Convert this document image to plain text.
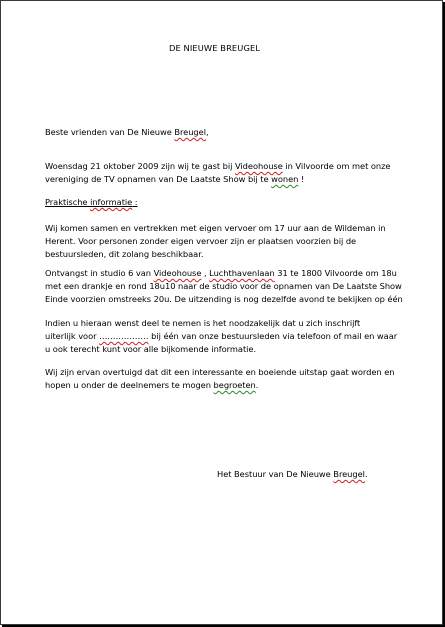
DE NIEUWE BREUGEL
Beste vrienden van De Nieuwe Breugel,
Woensdag 21 oktober 2009 zijn wij te gast bij Videohouse in Vilvoorde om met onze
vereniging de TV opnamen van De Laatste Show bij te wonen !
Praktische informatie :
Wij komen samen en vertrekken met eigen vervoer om 17 uur aan de Wildeman in
Herent. Voor personen zonder eigen vervoer zijn er plaatsen voorzien bij de
bestuursleden, dit zolang beschikbaar.
Ontvangst in studio 6 van Videohouse , Luchthavenlaan 31 te 1800 Vilvoorde om 18u
met een drankje en rond 18u10 naar de studio voor de opnamen van De Laatste Show
Einde voorzien omstreeks 20u. De uitzending is nog dezelfde avond te bekijken op één
Indien u hieraan wenst deel te nemen is het noodzakelijk dat u zich inschrijft
uiterlijk voor ……………… bij één van onze bestuursleden via telefoon of mail en waar
u ook terecht kunt voor alle bijkomende informatie.
Wij zijn ervan overtuigd dat dit een interessante en boeiende uitstap gaat worden en
hopen u onder de deelnemers te mogen begroeten.
Het Bestuur van De Nieuwe Breugel.
